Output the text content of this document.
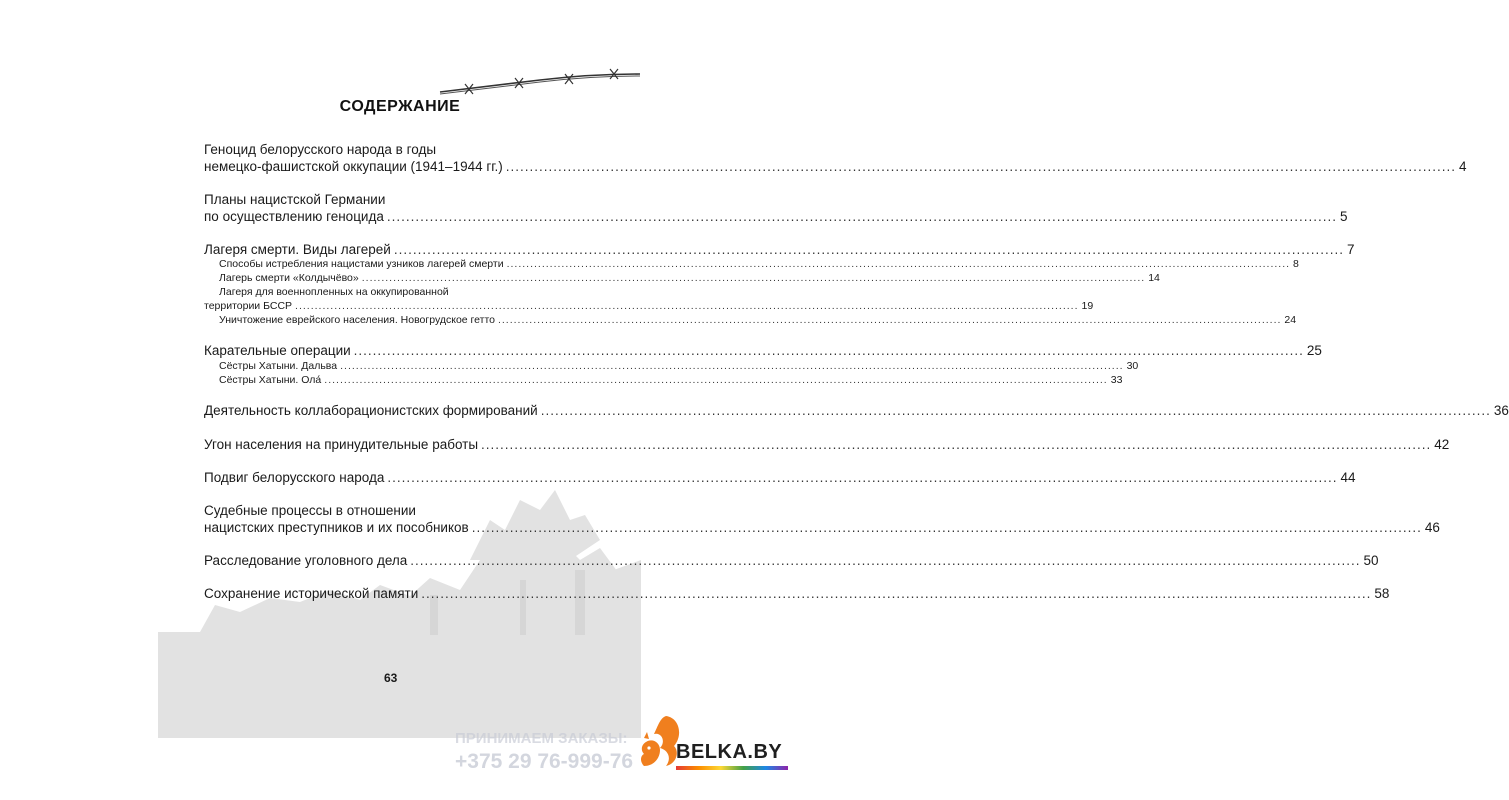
СОДЕРЖАНИЕ
Геноцид белорусского народа в годы
немецко-фашистской оккупации (1941–1944 гг.) ........................................................................................................................................................................................................ 4
Планы нацистской Германии
по осуществлению геноцида ........................................................................................................................................................................................................ 5
Лагеря смерти. Виды лагерей ........................................................................................................................................................................................................ 7
Способы истребления нацистами узников лагерей смерти ........................................................................................................................................................................................................ 8
Лагерь смерти «Колдычёво» ........................................................................................................................................................................................................ 14
Лагеря для военнопленных на оккупированной
территории БССР ........................................................................................................................................................................................................ 19
Уничтожение еврейского населения. Новогрудское гетто ........................................................................................................................................................................................................ 24
Карательные операции ........................................................................................................................................................................................................ 25
Сёстры Хатыни. Дальва ........................................................................................................................................................................................................ 30
Сёстры Хатыни. Ола́ ........................................................................................................................................................................................................ 33
Деятельность коллаборационистских формирований ........................................................................................................................................................................................................ 36
Угон населения на принудительные работы ........................................................................................................................................................................................................ 42
Подвиг белорусского народа ........................................................................................................................................................................................................ 44
Судебные процессы в отношении
нацистских преступников и их пособников ........................................................................................................................................................................................................ 46
Расследование уголовного дела ........................................................................................................................................................................................................ 50
Сохранение исторической памяти ........................................................................................................................................................................................................ 58
63
ПРИНИМАЕМ ЗАКАЗЫ:
+375 29 76-999-76 BELKA.BY
